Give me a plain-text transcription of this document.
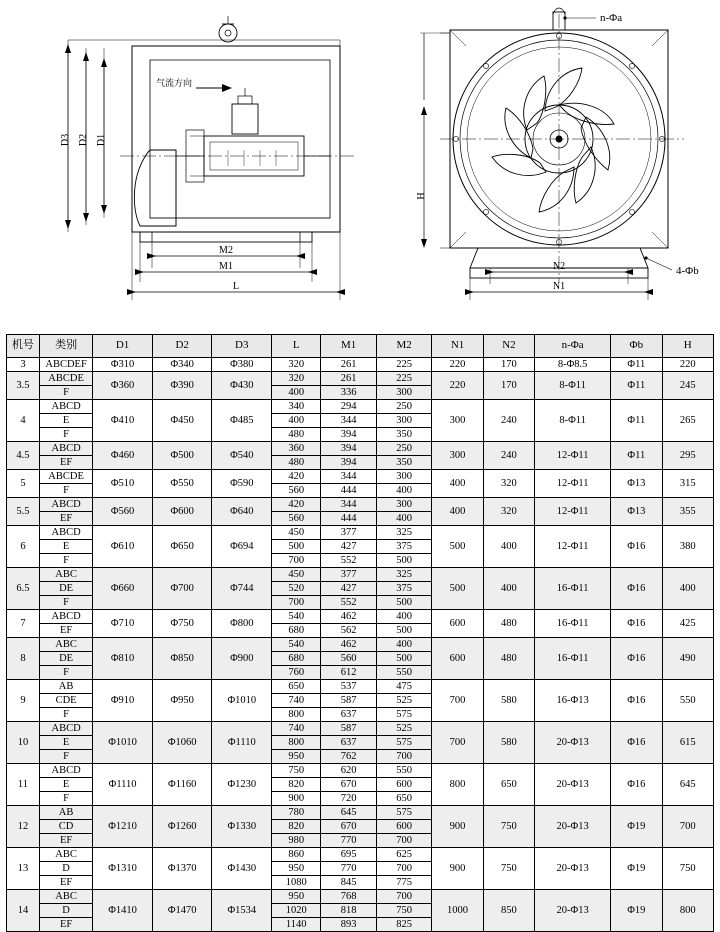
D3 D2 D1
M2
M1
L
气流方向
H
N2
N1
n-Φa
4-Φb
机号	类别	D1	D2	D3	L	M1	M2	N1	N2	n-Φa	Φb	H
3	ABCDEF	Φ310	Φ340	Φ380	320	261	225	220	170	8-Φ8.5	Φ11	220
3.5	ABCDE	Φ360	Φ390	Φ430	320	261	225	220	170	8-Φ11	Φ11	245
	F				400	336	300					
4	ABCD	Φ410	Φ450	Φ485	340	294	250	300	240	8-Φ11	Φ11	265
	E				400	344	300					
	F				480	394	350					
4.5	ABCD	Φ460	Φ500	Φ540	360	394	250	300	240	12-Φ11	Φ11	295
	EF				480	394	350					
5	ABCDE	Φ510	Φ550	Φ590	420	344	300	400	320	12-Φ11	Φ13	315
	F				560	444	400					
5.5	ABCD	Φ560	Φ600	Φ640	420	344	300	400	320	12-Φ11	Φ13	355
	EF				560	444	400					
6	ABCD	Φ610	Φ650	Φ694	450	377	325	500	400	12-Φ11	Φ16	380
	E				500	427	375					
	F				700	552	500					
6.5	ABC	Φ660	Φ700	Φ744	450	377	325	500	400	16-Φ11	Φ16	400
	DE				520	427	375					
	F				700	552	500					
7	ABCD	Φ710	Φ750	Φ800	540	462	400	600	480	16-Φ11	Φ16	425
	EF				680	562	500					
8	ABC	Φ810	Φ850	Φ900	540	462	400	600	480	16-Φ11	Φ16	490
	DE				680	560	500					
	F				760	612	550					
9	AB	Φ910	Φ950	Φ1010	650	537	475	700	580	16-Φ13	Φ16	550
	CDE				740	587	525					
	F				800	637	575					
10	ABCD	Φ1010	Φ1060	Φ1110	740	587	525	700	580	20-Φ13	Φ16	615
	E				800	637	575					
	F				950	762	700					
11	ABCD	Φ1110	Φ1160	Φ1230	750	620	550	800	650	20-Φ13	Φ16	645
	E				820	670	600					
	F				900	720	650					
12	AB	Φ1210	Φ1260	Φ1330	780	645	575	900	750	20-Φ13	Φ19	700
	CD				820	670	600					
	EF				980	770	700					
13	ABC	Φ1310	Φ1370	Φ1430	860	695	625	900	750	20-Φ13	Φ19	750
	D				950	770	700					
	EF				1080	845	775					
14	ABC	Φ1410	Φ1470	Φ1534	950	768	700	1000	850	20-Φ13	Φ19	800
	D				1020	818	750					
	EF				1140	893	825					
